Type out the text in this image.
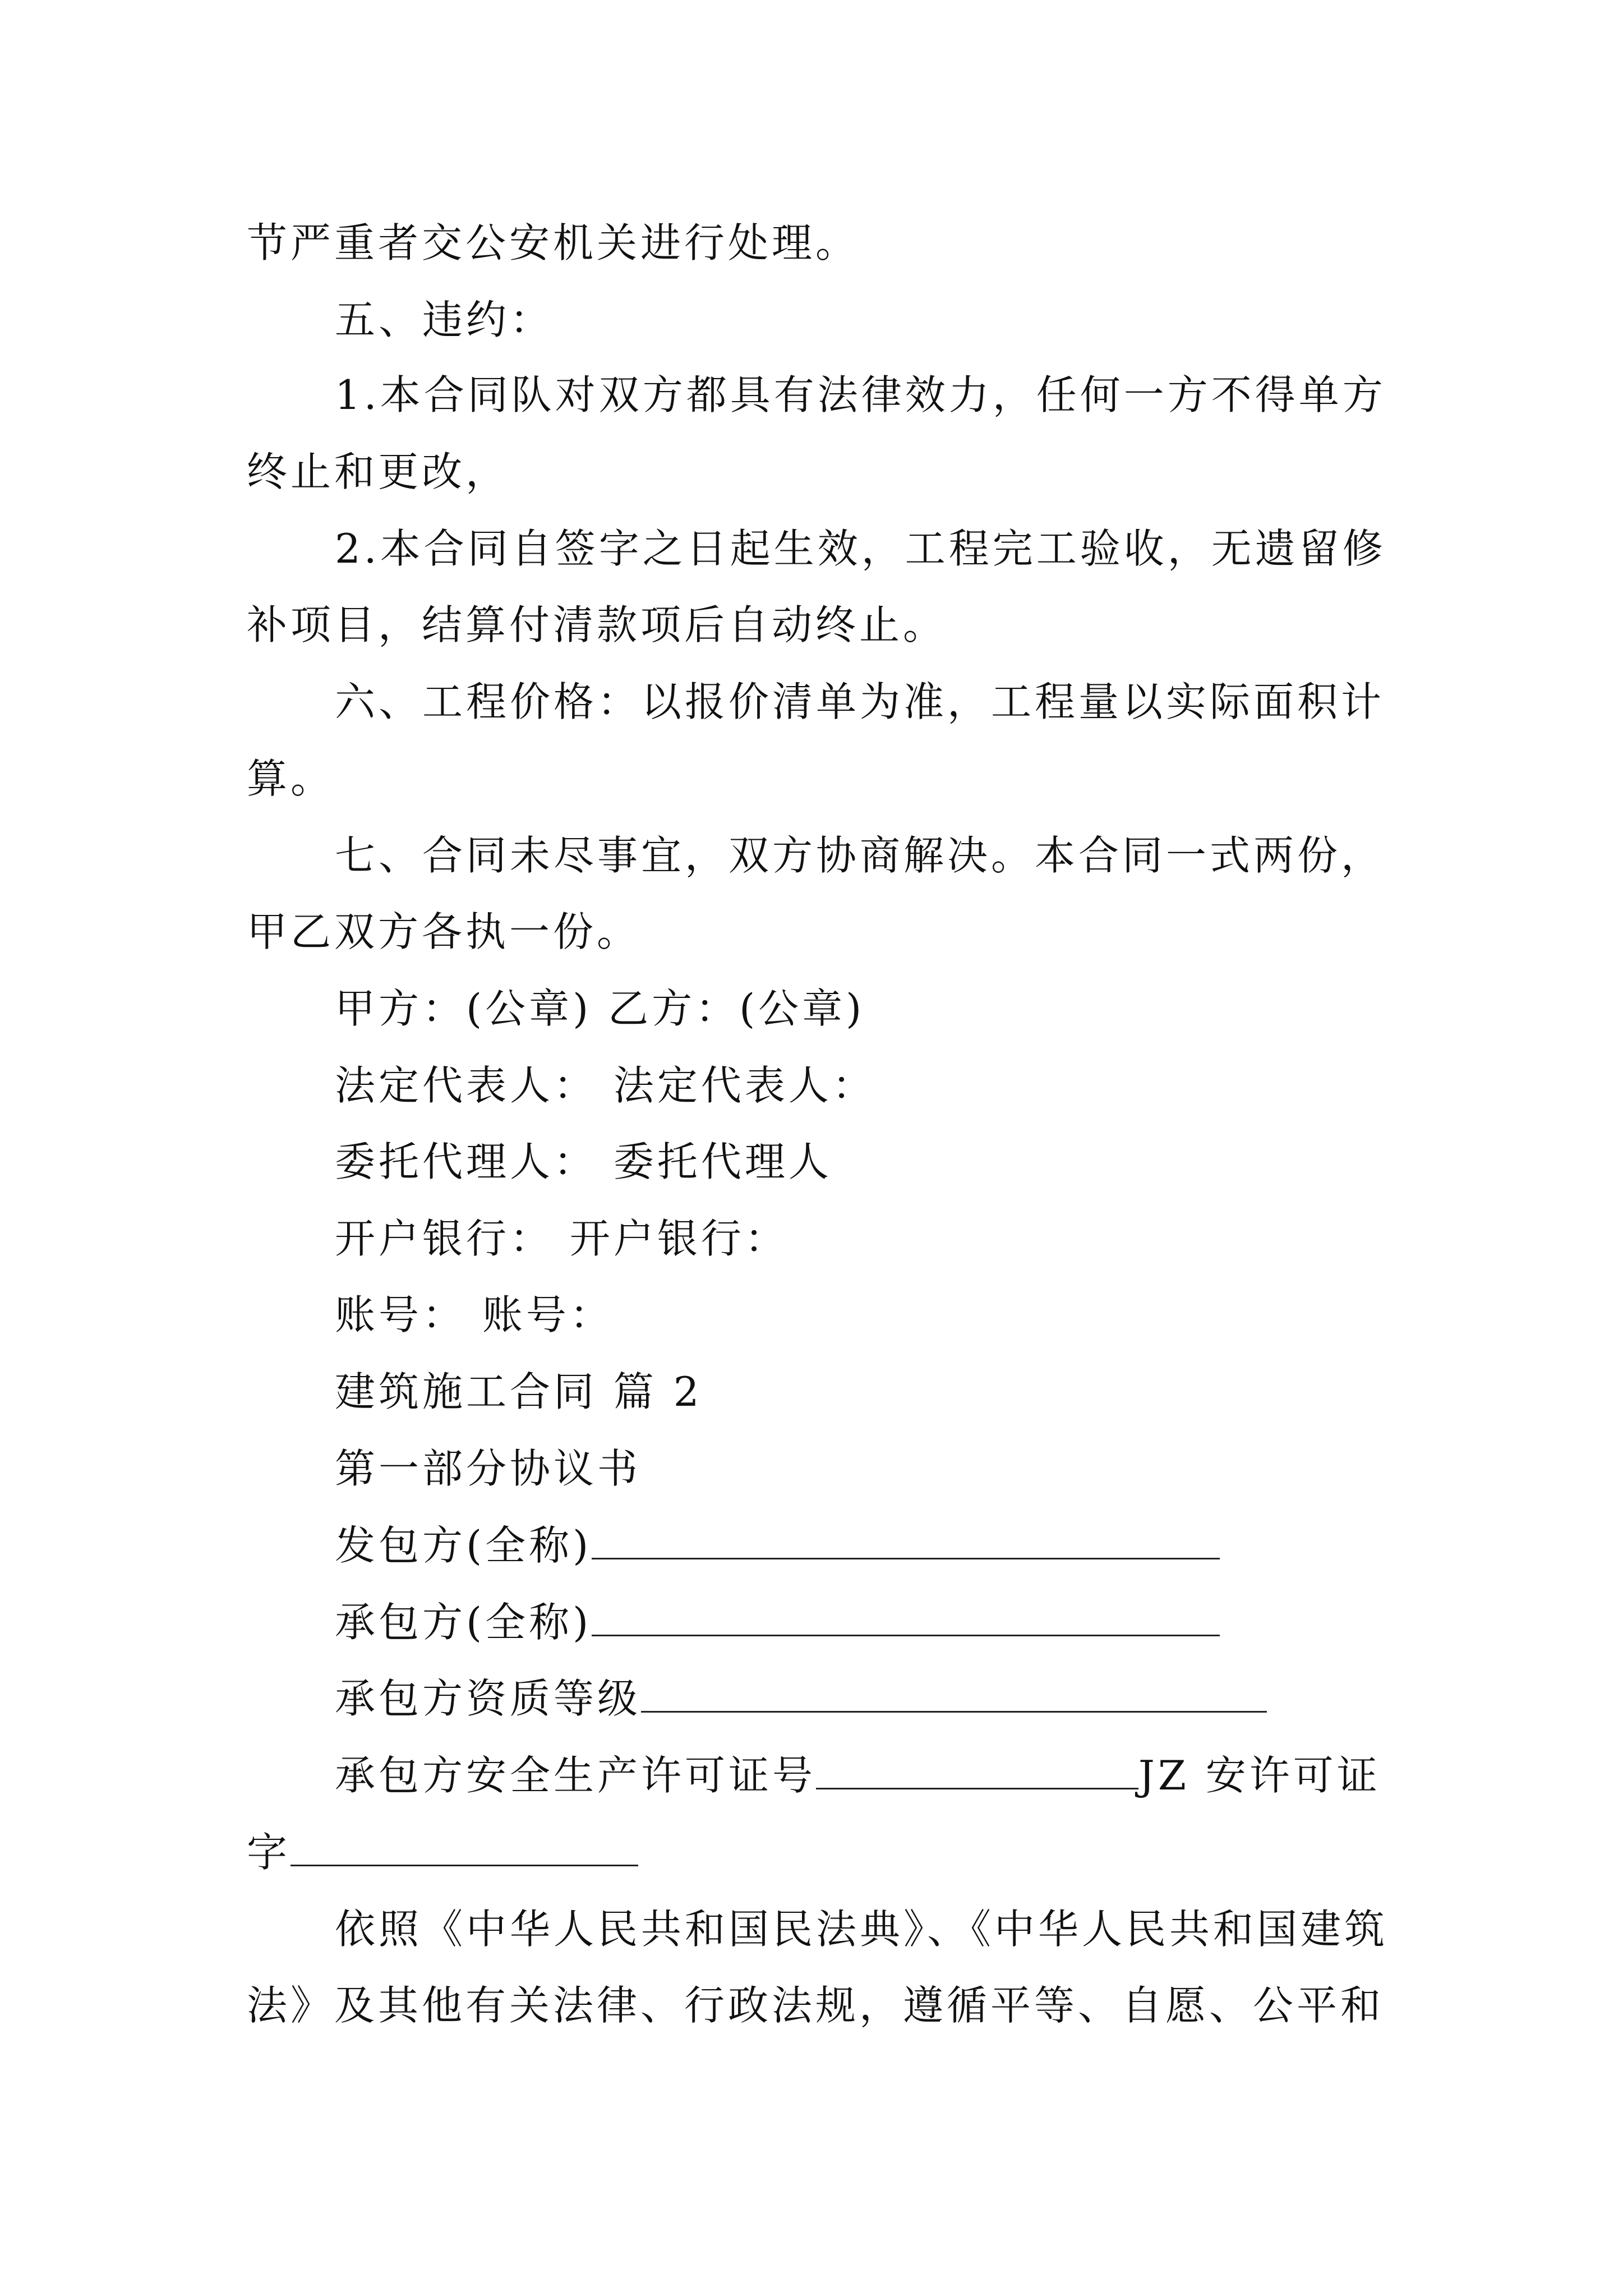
节严重者交公安机关进行处理。
五、违约：
1.本合同队对双方都具有法律效力，任何一方不得单方
终止和更改，
2.本合同自签字之日起生效，工程完工验收，无遗留修
补项目，结算付清款项后自动终止。
六、工程价格：以报价清单为准，工程量以实际面积计
算。
七、合同未尽事宜，双方协商解决。本合同一式两份，
甲乙双方各执一份。
甲方：(公章) 乙方：(公章)
法定代表人： 法定代表人：
委托代理人： 委托代理人
开户银行： 开户银行：
账号： 账号：
建筑施工合同 篇 2
第一部分协议书
发包方(全称)
承包方(全称)
承包方资质等级
承包方安全生产许可证号	JZ 安许可证
字
依照《中华人民共和国民法典》、《中华人民共和国建筑
法》及其他有关法律、行政法规，遵循平等、自愿、公平和
